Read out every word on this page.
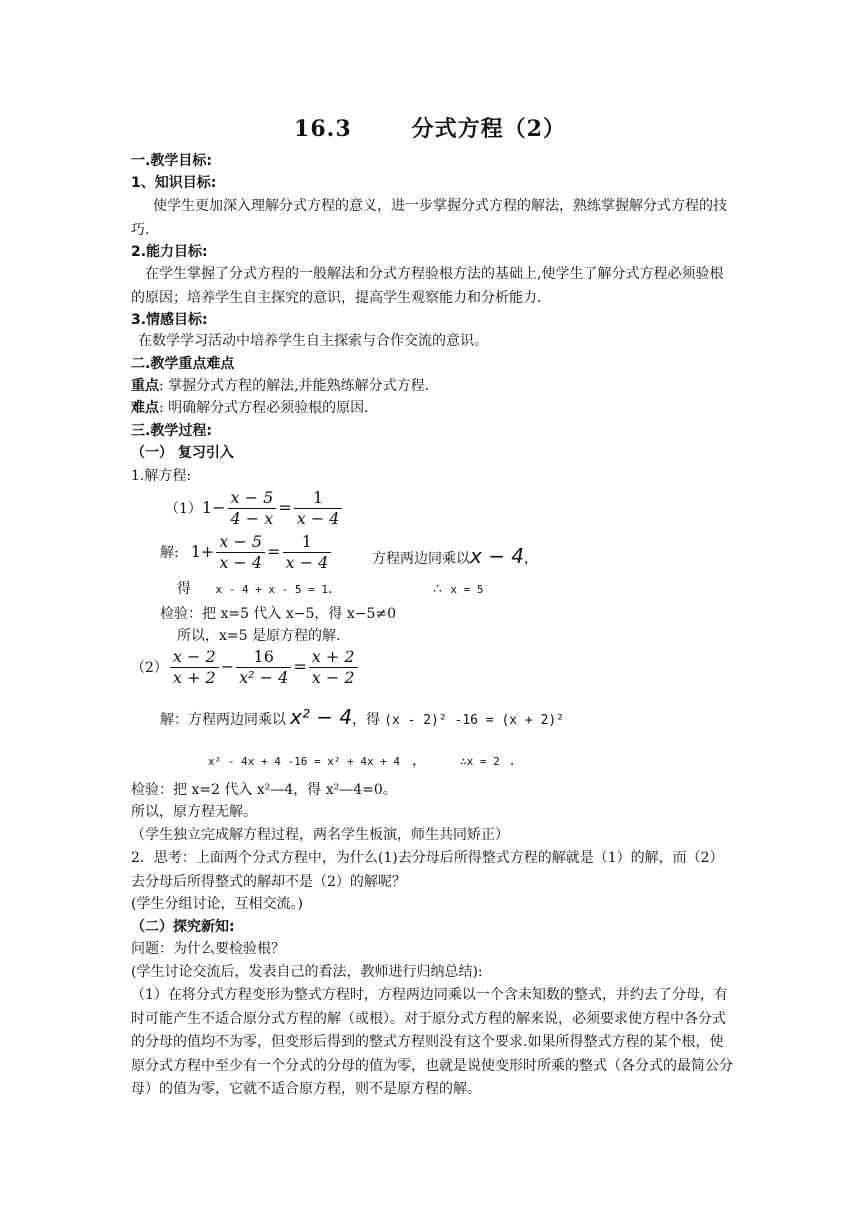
16.3	分式方程（2）
一.教学目标:
1、知识目标:
使学生更加深入理解分式方程的意义，进一步掌握分式方程的解法，熟练掌握解分式方程的技巧.
2.能力目标:
在学生掌握了分式方程的一般解法和分式方程验根方法的基础上,使学生了解分式方程必须验根的原因；培养学生自主探究的意识，提高学生观察能力和分析能力.
3.情感目标:
在数学学习活动中培养学生自主探索与合作交流的意识。
二.教学重点难点
重点: 掌握分式方程的解法,并能熟练解分式方程.
难点: 明确解分式方程必须验根的原因.
三.教学过程:
（一） 复习引入
1.解方程:
$(1)1- \frac{x - 5}{4 - x} = \frac{1}{x - 4}$
解: $1+ \frac{x - 5}{x - 4} = \frac{1}{x - 4}$	方程两边同乘以x − 4，
得 x - 4 + x - 5 = 1.	∴ x = 5
检验：把 x=5 代入 x−5，得 x−5≠0
所以，x=5 是原方程的解.
$(2) \frac{x - 2}{x + 2} - \frac{16}{\text{x² − 4}} = \frac{x + 2}{x - 2}$
解：方程两边同乘以 x² − 4，得 (x - 2)² -16 = (x + 2)²
x² - 4x + 4 -16 = x² + 4x + 4 ，	∴x = 2 .
检验：把 x=2 代入 x²—4，得 x²—4=0。
所以，原方程无解。
（学生独立完成解方程过程，两名学生板演，师生共同矫正）
2．思考：上面两个分式方程中，为什么(1)去分母后所得整式方程的解就是（1）的解，而（2）去分母后所得整式的解却不是（2）的解呢？
(学生分组讨论，互相交流。)
（二）探究新知:
问题：为什么要检验根？
(学生讨论交流后，发表自己的看法，教师进行归纳总结):
（1）在将分式方程变形为整式方程时，方程两边同乘以一个含未知数的整式，并约去了分母，有时可能产生不适合原分式方程的解（或根）。对于原分式方程的解来说，必须要求使方程中各分式的分母的值均不为零，但变形后得到的整式方程则没有这个要求.如果所得整式方程的某个根，使原分式方程中至少有一个分式的分母的值为零，也就是说使变形时所乘的整式（各分式的最简公分母）的值为零，它就不适合原方程，则不是原方程的解。
